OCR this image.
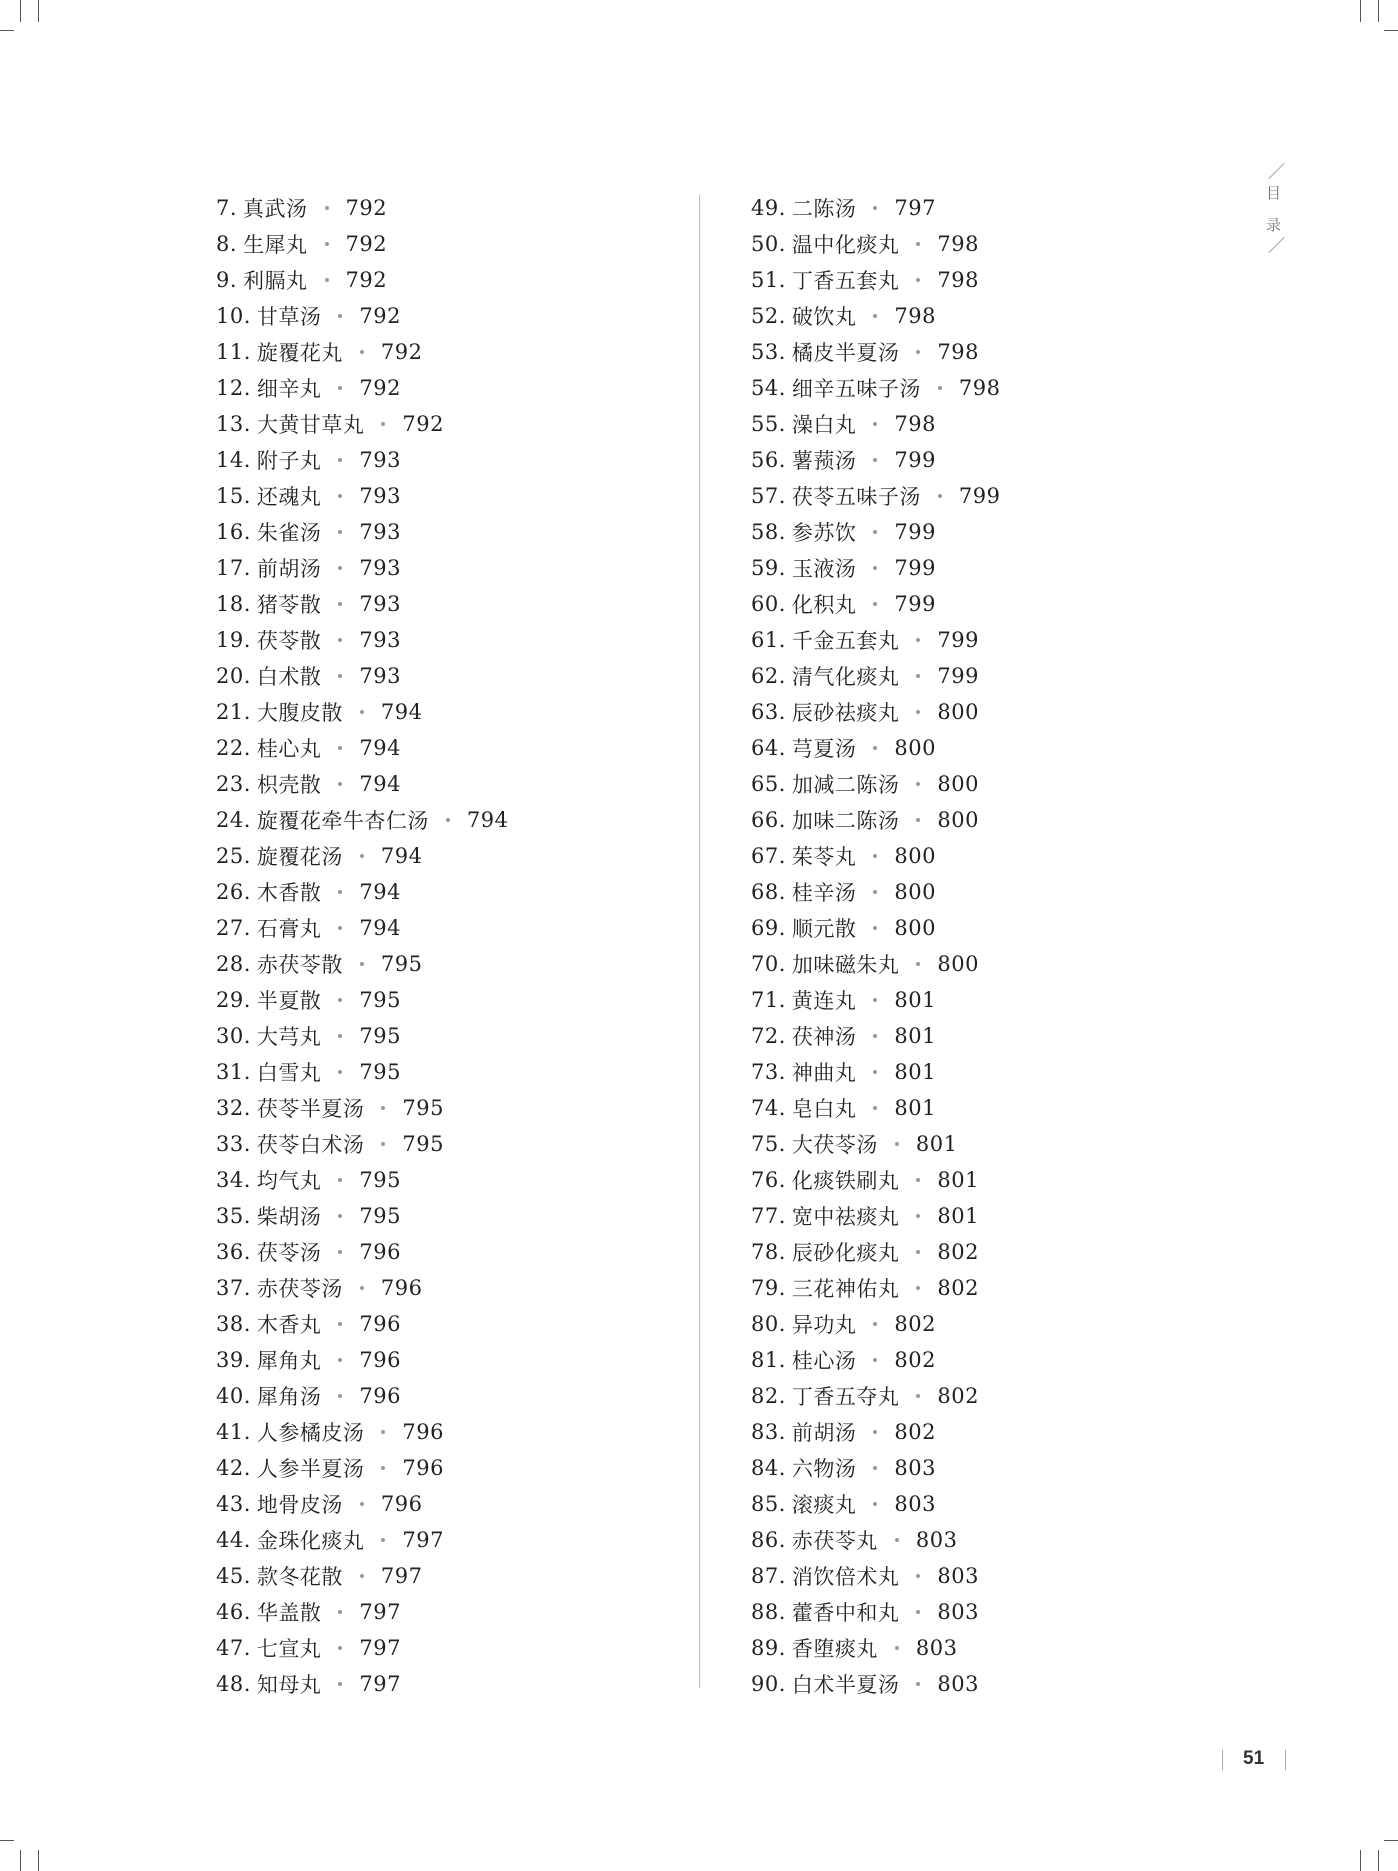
目
录
7. 真武汤 792
8. 生犀丸 792
9. 利膈丸 792
10. 甘草汤 792
11. 旋覆花丸 792
12. 细辛丸 792
13. 大黄甘草丸 792
14. 附子丸 793
15. 还魂丸 793
16. 朱雀汤 793
17. 前胡汤 793
18. 猪苓散 793
19. 茯苓散 793
20. 白术散 793
21. 大腹皮散 794
22. 桂心丸 794
23. 枳壳散 794
24. 旋覆花牵牛杏仁汤 794
25. 旋覆花汤 794
26. 木香散 794
27. 石膏丸 794
28. 赤茯苓散 795
29. 半夏散 795
30. 大芎丸 795
31. 白雪丸 795
32. 茯苓半夏汤 795
33. 茯苓白术汤 795
34. 均气丸 795
35. 柴胡汤 795
36. 茯苓汤 796
37. 赤茯苓汤 796
38. 木香丸 796
39. 犀角丸 796
40. 犀角汤 796
41. 人参橘皮汤 796
42. 人参半夏汤 796
43. 地骨皮汤 796
44. 金珠化痰丸 797
45. 款冬花散 797
46. 华盖散 797
47. 七宣丸 797
48. 知母丸 797
49. 二陈汤 797
50. 温中化痰丸 798
51. 丁香五套丸 798
52. 破饮丸 798
53. 橘皮半夏汤 798
54. 细辛五味子汤 798
55. 澡白丸 798
56. 薯蓣汤 799
57. 茯苓五味子汤 799
58. 参苏饮 799
59. 玉液汤 799
60. 化积丸 799
61. 千金五套丸 799
62. 清气化痰丸 799
63. 辰砂祛痰丸 800
64. 芎夏汤 800
65. 加减二陈汤 800
66. 加味二陈汤 800
67. 茱苓丸 800
68. 桂辛汤 800
69. 顺元散 800
70. 加味磁朱丸 800
71. 黄连丸 801
72. 茯神汤 801
73. 神曲丸 801
74. 皂白丸 801
75. 大茯苓汤 801
76. 化痰铁刷丸 801
77. 宽中祛痰丸 801
78. 辰砂化痰丸 802
79. 三花神佑丸 802
80. 异功丸 802
81. 桂心汤 802
82. 丁香五夺丸 802
83. 前胡汤 802
84. 六物汤 803
85. 滚痰丸 803
86. 赤茯苓丸 803
87. 消饮倍术丸 803
88. 藿香中和丸 803
89. 香堕痰丸 803
90. 白术半夏汤 803
51
